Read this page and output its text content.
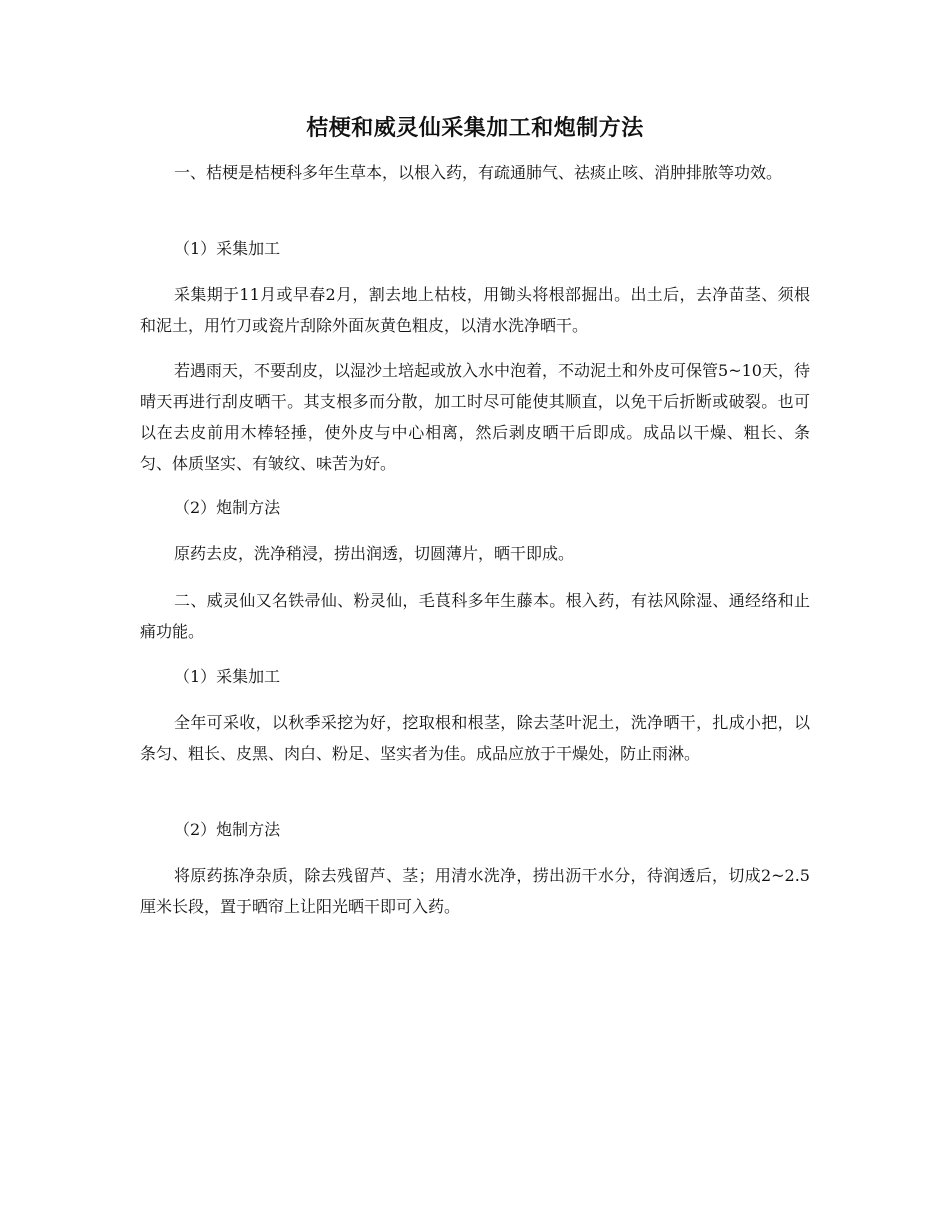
桔梗和威灵仙采集加工和炮制方法

一、桔梗是桔梗科多年生草本，以根入药，有疏通肺气、祛痰止咳、消肿排脓等功效。

（1）采集加工

采集期于11月或早春2月，割去地上枯枝，用锄头将根部掘出。出土后，去净苗茎、须根和泥土，用竹刀或瓷片刮除外面灰黄色粗皮，以清水洗净晒干。

若遇雨天，不要刮皮，以湿沙土培起或放入水中泡着，不动泥土和外皮可保管5~10天，待晴天再进行刮皮晒干。其支根多而分散，加工时尽可能使其顺直，以免干后折断或破裂。也可以在去皮前用木棒轻捶，使外皮与中心相离，然后剥皮晒干后即成。成品以干燥、粗长、条匀、体质坚实、有皱纹、味苦为好。

（2）炮制方法

原药去皮，洗净稍浸，捞出润透，切圆薄片，晒干即成。

二、威灵仙又名铁帚仙、粉灵仙，毛茛科多年生藤本。根入药，有祛风除湿、通经络和止痛功能。

（1）采集加工

全年可采收，以秋季采挖为好，挖取根和根茎，除去茎叶泥土，洗净晒干，扎成小把，以条匀、粗长、皮黑、肉白、粉足、坚实者为佳。成品应放于干燥处，防止雨淋。

（2）炮制方法

将原药拣净杂质，除去残留芦、茎；用清水洗净，捞出沥干水分，待润透后，切成2~2.5厘米长段，置于晒帘上让阳光晒干即可入药。
